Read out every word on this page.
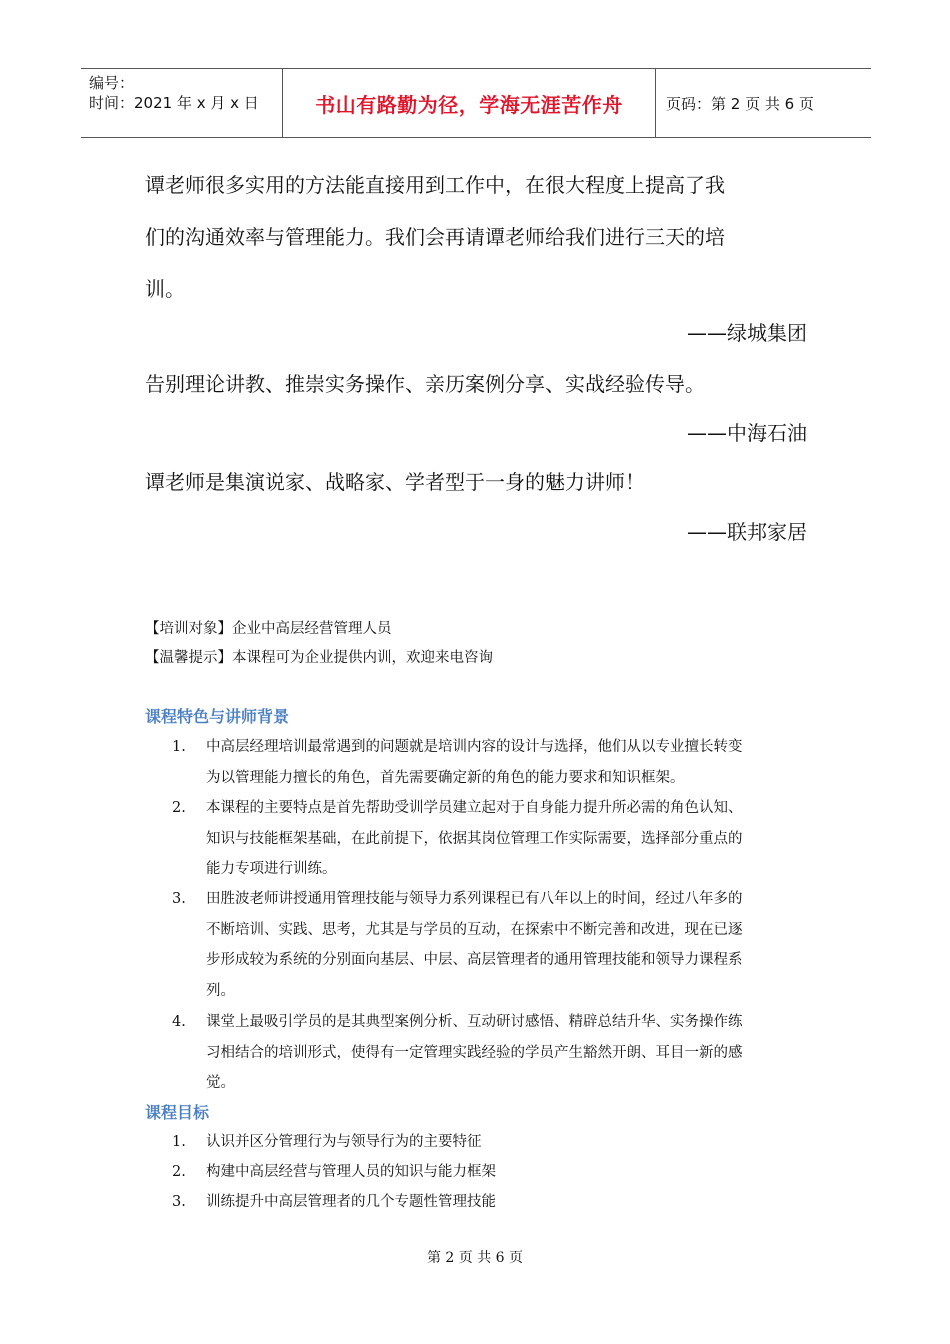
编号：
时间：2021 年 x 月 x 日	书山有路勤为径，学海无涯苦作舟	页码：第 2 页 共 6 页
谭老师很多实用的方法能直接用到工作中，在很大程度上提高了我
们的沟通效率与管理能力。我们会再请谭老师给我们进行三天的培
训。
——绿城集团
告别理论讲教、推崇实务操作、亲历案例分享、实战经验传导。
——中海石油
谭老师是集演说家、战略家、学者型于一身的魅力讲师！
——联邦家居
【培训对象】企业中高层经营管理人员
【温馨提示】本课程可为企业提供内训，欢迎来电咨询
课程特色与讲师背景
1.	中高层经理培训最常遇到的问题就是培训内容的设计与选择，他们从以专业擅长转变
为以管理能力擅长的角色，首先需要确定新的角色的能力要求和知识框架。
2.	本课程的主要特点是首先帮助受训学员建立起对于自身能力提升所必需的角色认知、
知识与技能框架基础，在此前提下，依据其岗位管理工作实际需要，选择部分重点的
能力专项进行训练。
3.	田胜波老师讲授通用管理技能与领导力系列课程已有八年以上的时间，经过八年多的
不断培训、实践、思考，尤其是与学员的互动，在探索中不断完善和改进，现在已逐
步形成较为系统的分别面向基层、中层、高层管理者的通用管理技能和领导力课程系
列。
4.	课堂上最吸引学员的是其典型案例分析、互动研讨感悟、精辟总结升华、实务操作练
习相结合的培训形式，使得有一定管理实践经验的学员产生豁然开朗、耳目一新的感
觉。
课程目标
1.	认识并区分管理行为与领导行为的主要特征
2.	构建中高层经营与管理人员的知识与能力框架
3.	训练提升中高层管理者的几个专题性管理技能
第 2 页 共 6 页
